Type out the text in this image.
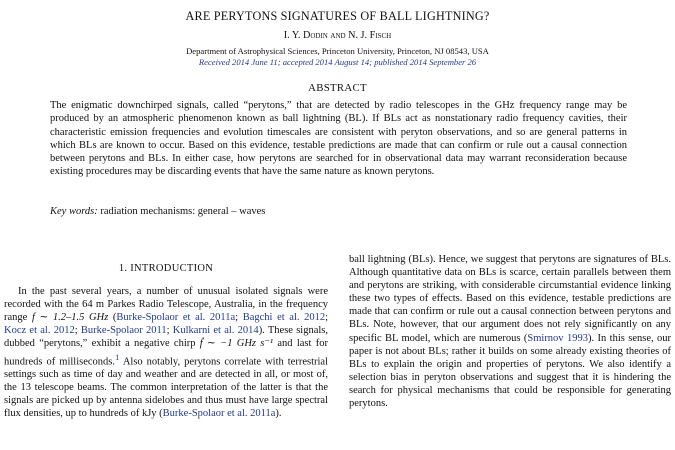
ARE PERYTONS SIGNATURES OF BALL LIGHTNING?
I. Y. Dodin and N. J. Fisch
Department of Astrophysical Sciences, Princeton University, Princeton, NJ 08543, USA
Received 2014 June 11; accepted 2014 August 14; published 2014 September 26
ABSTRACT
The enigmatic downchirped signals, called “perytons,” that are detected by radio telescopes in the GHz frequency range may be produced by an atmospheric phenomenon known as ball lightning (BL). If BLs act as nonstationary radio frequency cavities, their characteristic emission frequencies and evolution timescales are consistent with peryton observations, and so are general patterns in which BLs are known to occur. Based on this evidence, testable predictions are made that can confirm or rule out a causal connection between perytons and BLs. In either case, how perytons are searched for in observational data may warrant reconsideration because existing procedures may be discarding events that have the same nature as known perytons.
Key words: radiation mechanisms: general – waves
1. INTRODUCTION

In the past several years, a number of unusual isolated signals were recorded with the 64 m Parkes Radio Telescope, Australia, in the frequency range f ∼ 1.2–1.5 GHz (Burke-Spolaor et al. 2011a; Bagchi et al. 2012; Kocz et al. 2012; Burke-Spolaor 2011; Kulkarni et al. 2014). These signals, dubbed “perytons,” exhibit a negative chirp ḟ ∼ −1 GHz s⁻¹ and last for hundreds of milliseconds.$^1$ Also notably, perytons correlate with terrestrial settings such as time of day and weather and are detected in all, or most of, the 13 telescope beams. The common interpretation of the latter is that the signals are picked up by antenna sidelobes and thus must have large spectral flux densities, up to hundreds of kJy (Burke-Spolaor et al. 2011a).

ball lightning (BLs). Hence, we suggest that perytons are signatures of BLs. Although quantitative data on BLs is scarce, certain parallels between them and perytons are striking, with considerable circumstantial evidence linking these two types of effects. Based on this evidence, testable predictions are made that can confirm or rule out a causal connection between perytons and BLs. Note, however, that our argument does not rely significantly on any specific BL model, which are numerous (Smirnov 1993). In this sense, our paper is not about BLs; rather it builds on some already existing theories of BLs to explain the origin and properties of perytons. We also identify a selection bias in peryton observations and suggest that it is hindering the search for physical mechanisms that could be responsible for generating perytons.
